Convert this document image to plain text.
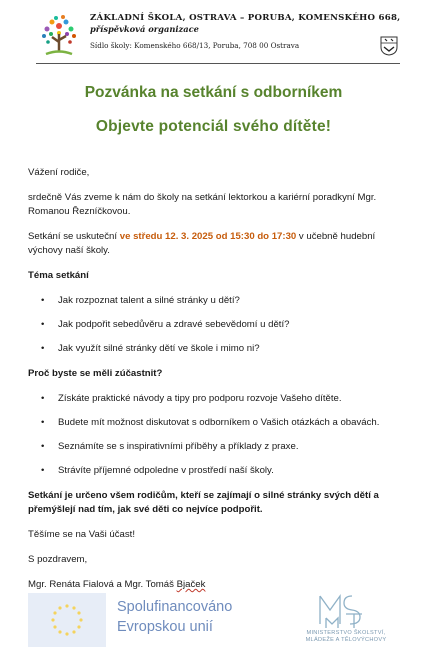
ZÁKLADNÍ ŠKOLA, OSTRAVA – PORUBA, KOMENSKÉHO 668,
příspěvková organizace
Sídlo školy: Komenského 668/13, Poruba, 708 00 Ostrava
Pozvánka na setkání s odborníkem
Objevte potenciál svého dítěte!

Vážení rodiče,

srdečně Vás zveme k nám do školy na setkání lektorkou a kariérní poradkyní Mgr. Romanou Řezníčkovou.

Setkání se uskuteční ve středu 12. 3. 2025 od 15:30 do 17:30 v učebně hudební výchovy naší školy.

Téma setkání

• Jak rozpoznat talent a silné stránky u dětí?
• Jak podpořit sebedůvěru a zdravé sebevědomí u dětí?
• Jak využít silné stránky dětí ve škole i mimo ni?

Proč byste se měli zúčastnit?

• Získáte praktické návody a tipy pro podporu rozvoje Vašeho dítěte.
• Budete mít možnost diskutovat s odborníkem o Vašich otázkách a obavách.
• Seznámíte se s inspirativními příběhy a příklady z praxe.
• Strávíte příjemné odpoledne v prostředí naší školy.

Setkání je určeno všem rodičům, kteří se zajímají o silné stránky svých dětí a přemýšlejí nad tím, jak své děti co nejvíce podpořit.

Těšíme se na Vaši účast!

S pozdravem,

Mgr. Renáta Fialová a Mgr. Tomáš Bjaček

Spolufinancováno
Evropskou unií	MINISTERSTVO ŠKOLSTVÍ,
MLÁDEŽE A TĚLOVÝCHOVY
